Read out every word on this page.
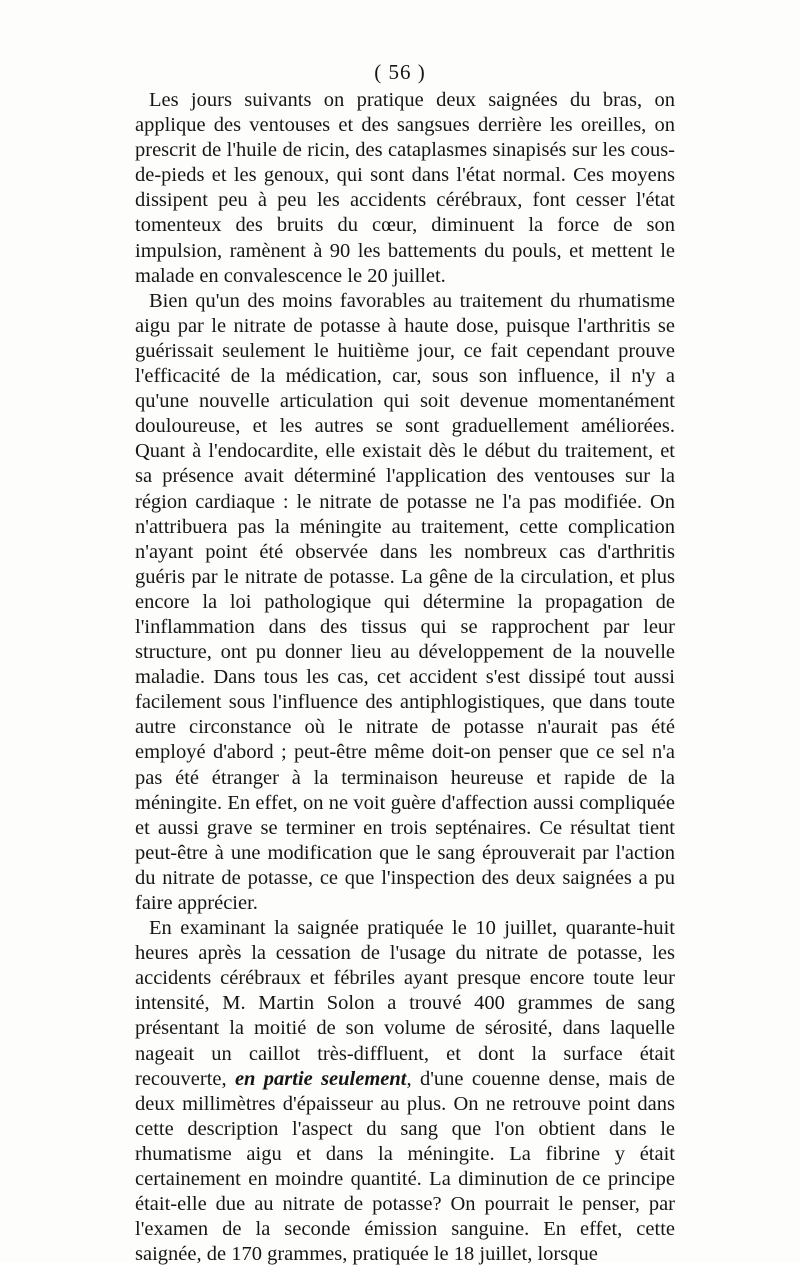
( 56 )

Les jours suivants on pratique deux saignées du bras, on applique des ventouses et des sangsues derrière les oreilles, on prescrit de l'huile de ricin, des cataplasmes sinapisés sur les cous-de-pieds et les genoux, qui sont dans l'état normal. Ces moyens dissipent peu à peu les accidents cérébraux, font cesser l'état tomenteux des bruits du cœur, diminuent la force de son impulsion, ramènent à 90 les battements du pouls, et mettent le malade en convalescence le 20 juillet.

Bien qu'un des moins favorables au traitement du rhumatisme aigu par le nitrate de potasse à haute dose, puisque l'arthritis se guérissait seulement le huitième jour, ce fait cependant prouve l'efficacité de la médication, car, sous son influence, il n'y a qu'une nouvelle articulation qui soit devenue momentanément douloureuse, et les autres se sont graduellement améliorées. Quant à l'endocardite, elle existait dès le début du traitement, et sa présence avait déterminé l'application des ventouses sur la région cardiaque : le nitrate de potasse ne l'a pas modifiée. On n'attribuera pas la méningite au traitement, cette complication n'ayant point été observée dans les nombreux cas d'arthritis guéris par le nitrate de potasse. La gêne de la circulation, et plus encore la loi pathologique qui détermine la propagation de l'inflammation dans des tissus qui se rapprochent par leur structure, ont pu donner lieu au développement de la nouvelle maladie. Dans tous les cas, cet accident s'est dissipé tout aussi facilement sous l'influence des antiphlogistiques, que dans toute autre circonstance où le nitrate de potasse n'aurait pas été employé d'abord ; peut-être même doit-on penser que ce sel n'a pas été étranger à la terminaison heureuse et rapide de la méningite. En effet, on ne voit guère d'affection aussi compliquée et aussi grave se terminer en trois septénaires. Ce résultat tient peut-être à une modification que le sang éprouverait par l'action du nitrate de potasse, ce que l'inspection des deux saignées a pu faire apprécier.

En examinant la saignée pratiquée le 10 juillet, quarante-huit heures après la cessation de l'usage du nitrate de potasse, les accidents cérébraux et fébriles ayant presque encore toute leur intensité, M. Martin Solon a trouvé 400 grammes de sang présentant la moitié de son volume de sérosité, dans laquelle nageait un caillot très-diffluent, et dont la surface était recouverte, en partie seulement, d'une couenne dense, mais de deux millimètres d'épaisseur au plus. On ne retrouve point dans cette description l'aspect du sang que l'on obtient dans le rhumatisme aigu et dans la méningite. La fibrine y était certainement en moindre quantité. La diminution de ce principe était-elle due au nitrate de potasse? On pourrait le penser, par l'examen de la seconde émission sanguine. En effet, cette saignée, de 170 grammes, pratiquée le 18 juillet, lorsque
